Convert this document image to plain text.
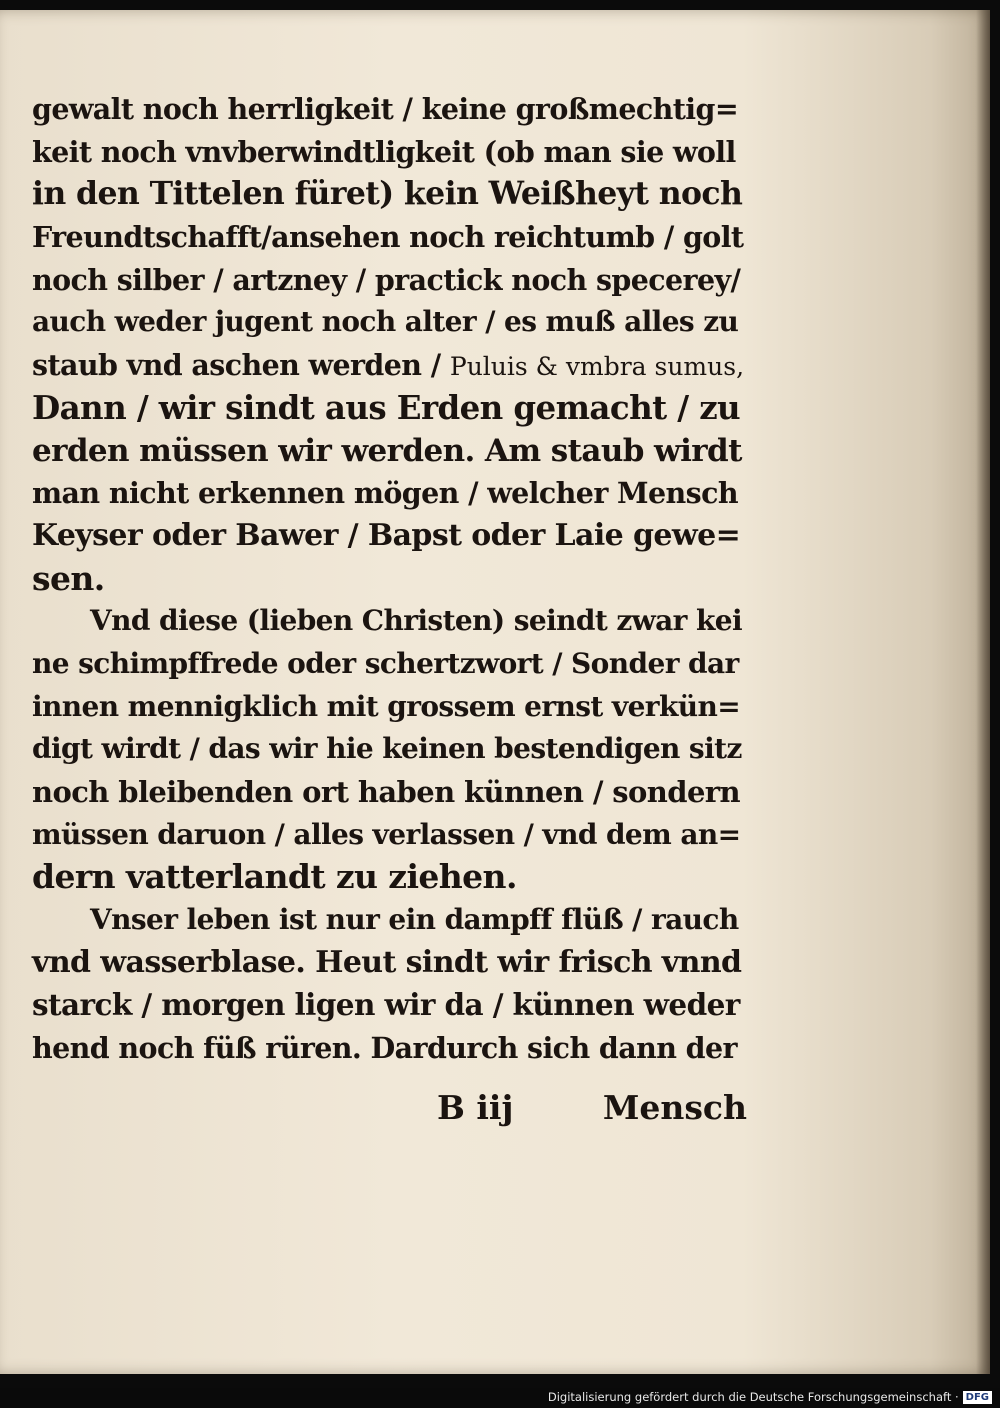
gewalt noch herrligkeit / keine großmechtig=
keit noch vnvberwindtligkeit (ob man sie woll
in den Tittelen füret) kein Weißheyt noch
Freundtschafft/ansehen noch reichtumb / golt
noch silber / artzney / practick noch specerey/
auch weder jugent noch alter / es muß alles zu
staub vnd aschen werden / Puluis & vmbra sumus,
Dann / wir sindt aus Erden gemacht / zu
erden müssen wir werden. Am staub wirdt
man nicht erkennen mögen / welcher Mensch
Keyser oder Bawer / Bapst oder Laie gewe=
sen.
Vnd diese (lieben Christen) seindt zwar kei
ne schimpffrede oder schertzwort / Sonder dar
innen mennigklich mit grossem ernst verkün=
digt wirdt / das wir hie keinen bestendigen sitz
noch bleibenden ort haben künnen / sondern
müssen daruon / alles verlassen / vnd dem an=
dern vatterlandt zu ziehen.
Vnser leben ist nur ein dampff flüß / rauch
vnd wasserblase. Heut sindt wir frisch vnnd
starck / morgen ligen wir da / künnen weder
hend noch füß rüren. Dardurch sich dann der
B iij	Mensch
Digitalisierung gefördert durch die Deutsche Forschungsgemeinschaft · DFG
